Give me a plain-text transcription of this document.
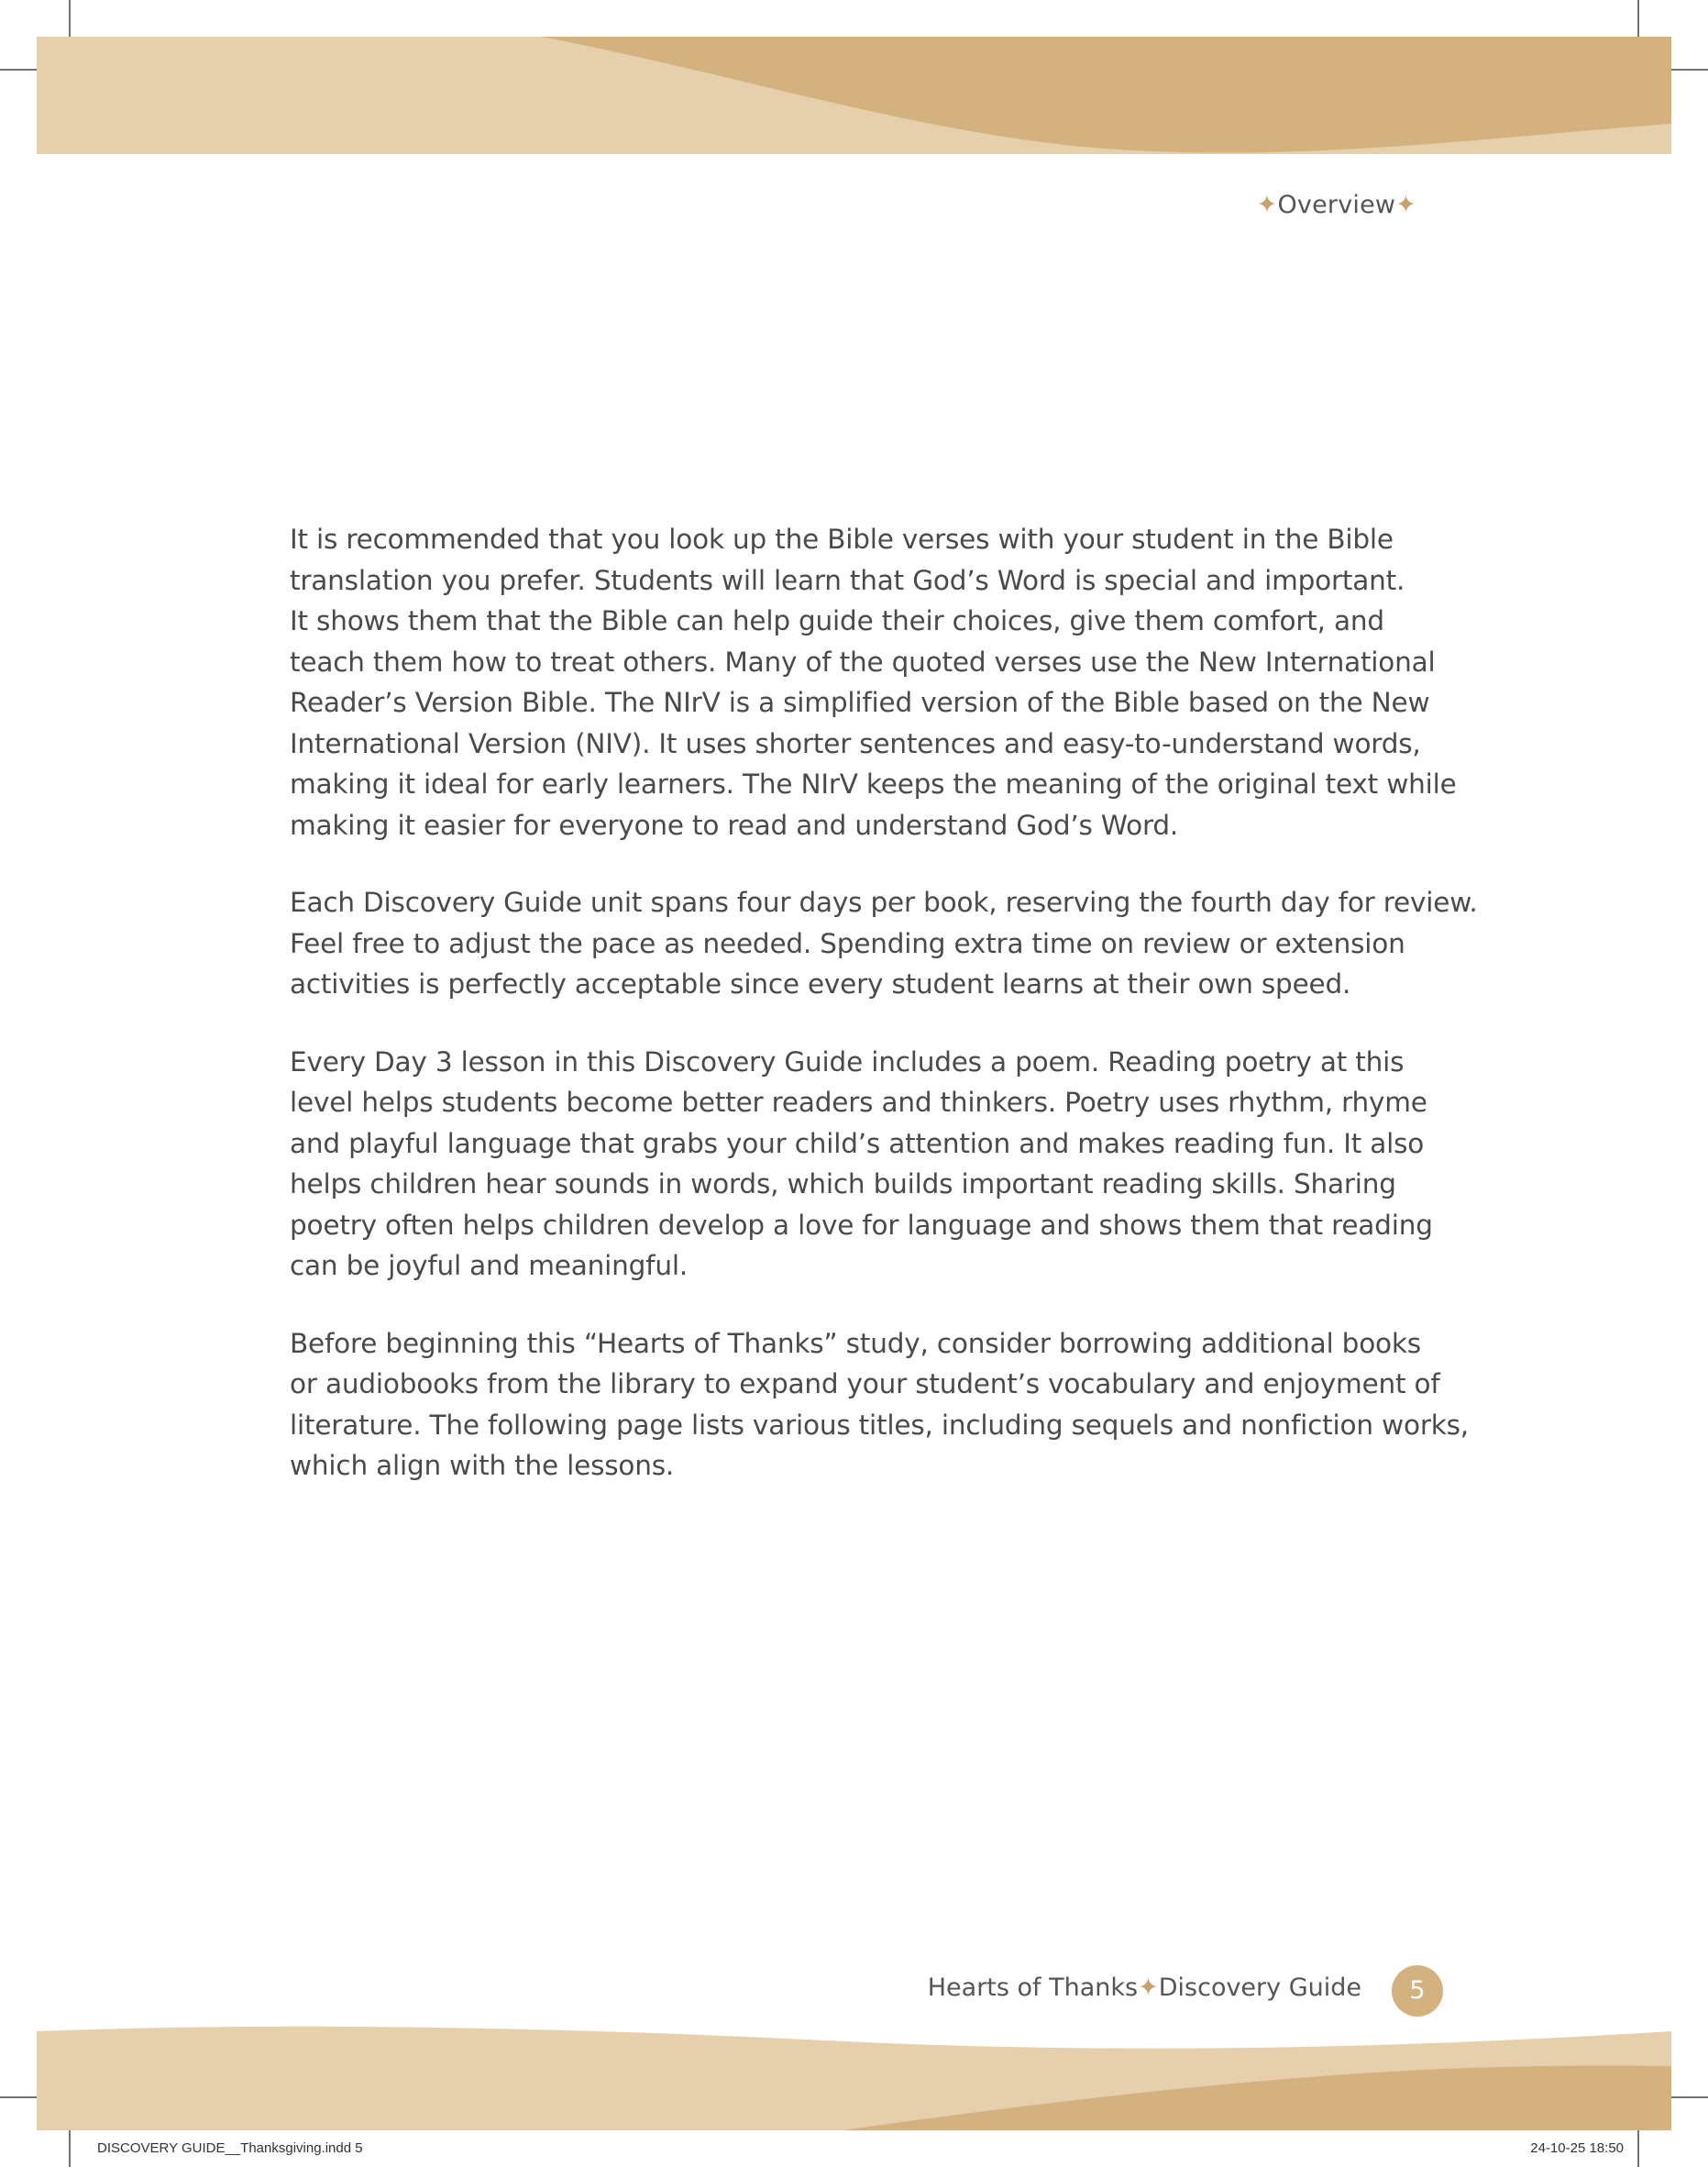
✦Overview✦

It is recommended that you look up the Bible verses with your student in the Bible
translation you prefer. Students will learn that God’s Word is special and important.
It shows them that the Bible can help guide their choices, give them comfort, and
teach them how to treat others. Many of the quoted verses use the New International
Reader’s Version Bible. The NIrV is a simplified version of the Bible based on the New
International Version (NIV). It uses shorter sentences and easy-to-understand words,
making it ideal for early learners. The NIrV keeps the meaning of the original text while
making it easier for everyone to read and understand God’s Word.

Each Discovery Guide unit spans four days per book, reserving the fourth day for review.
Feel free to adjust the pace as needed. Spending extra time on review or extension
activities is perfectly acceptable since every student learns at their own speed.

Every Day 3 lesson in this Discovery Guide includes a poem. Reading poetry at this
level helps students become better readers and thinkers. Poetry uses rhythm, rhyme
and playful language that grabs your child’s attention and makes reading fun. It also
helps children hear sounds in words, which builds important reading skills. Sharing
poetry often helps children develop a love for language and shows them that reading
can be joyful and meaningful.

Before beginning this “Hearts of Thanks” study, consider borrowing additional books
or audiobooks from the library to expand your student’s vocabulary and enjoyment of
literature. The following page lists various titles, including sequels and nonfiction works,
which align with the lessons.

Hearts of Thanks✦Discovery Guide	5
DISCOVERY GUIDE__Thanksgiving.indd 5	24-10-25 18:50
